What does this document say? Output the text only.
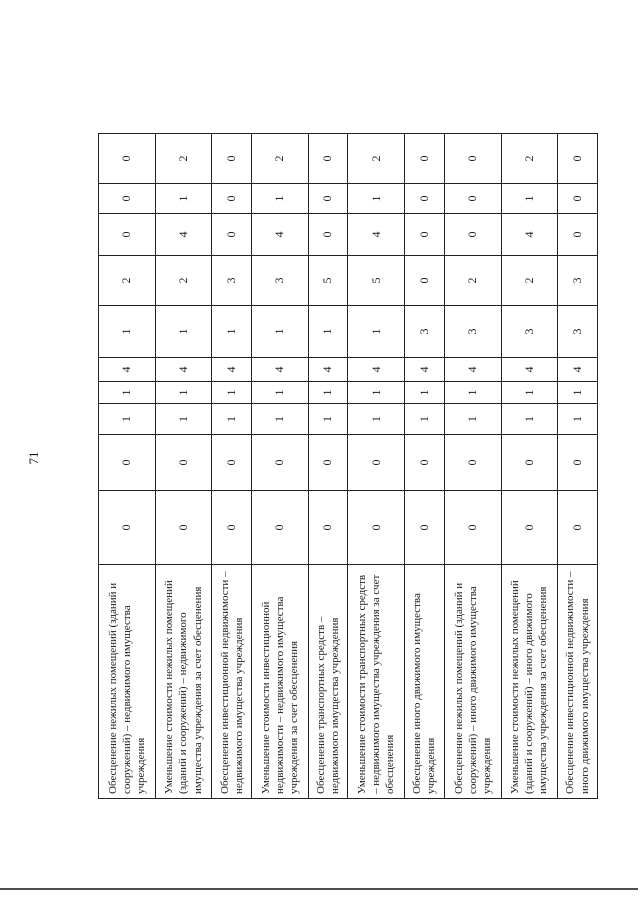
71
Обесценение нежилых помещений (зданий и сооружений) – недвижимого имущества учреждения	0	0	1	1	4	1	2	0	0	0
Уменьшение стоимости нежилых помещений (зданий и сооружений) – недвижимого имущества учреждения за счет обесценения	0	0	1	1	4	1	2	4	1	2
Обесценение инвестиционной недвижимости – недвижимого имущества учреждения	0	0	1	1	4	1	3	0	0	0
Уменьшение стоимости инвестиционной недвижимости – недвижимого имущества учреждения за счет обесценения	0	0	1	1	4	1	3	4	1	2
Обесценение транспортных средств – недвижимого имущества учреждения	0	0	1	1	4	1	5	0	0	0
Уменьшение стоимости транспортных средств – недвижимого имущества учреждения за счет обесценения	0	0	1	1	4	1	5	4	1	2
Обесценение иного движимого имущества учреждения	0	0	1	1	4	3	0	0	0	0
Обесценение нежилых помещений (зданий и сооружений) – иного движимого имущества учреждения	0	0	1	1	4	3	2	0	0	0
Уменьшение стоимости нежилых помещений (зданий и сооружений) – иного движимого имущества учреждения за счет обесценения	0	0	1	1	4	3	2	4	1	2
Обесценение инвестиционной недвижимости – иного движимого имущества учреждения	0	0	1	1	4	3	3	0	0	0
